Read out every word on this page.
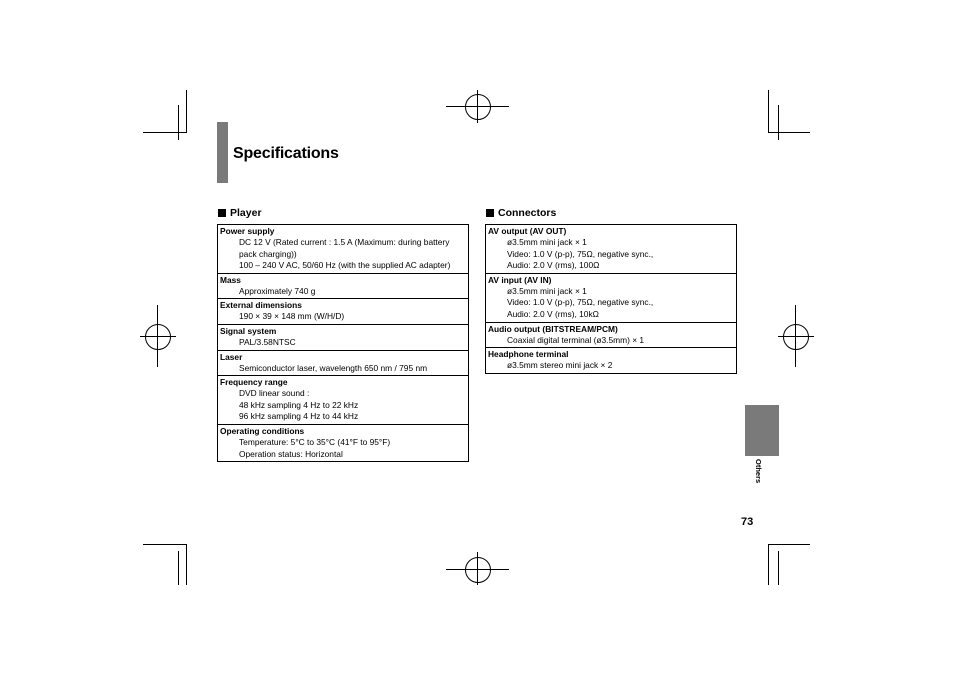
Specifications
Player
Power supply
DC 12 V (Rated current : 1.5 A (Maximum: during battery
pack charging))
100 – 240 V AC, 50/60 Hz (with the supplied AC adapter)
Mass
Approximately 740 g
External dimensions
190 × 39 × 148 mm (W/H/D)
Signal system
PAL/3.58NTSC
Laser
Semiconductor laser, wavelength 650 nm / 795 nm
Frequency range
DVD linear sound :
48 kHz sampling 4 Hz to 22 kHz
96 kHz sampling 4 Hz to 44 kHz
Operating conditions
Temperature: 5°C to 35°C (41°F to 95°F)
Operation status: Horizontal
Connectors
AV output (AV OUT)
ø3.5mm mini jack × 1
Video: 1.0 V (p-p), 75Ω, negative sync.,
Audio: 2.0 V (rms), 100Ω
AV input (AV IN)
ø3.5mm mini jack × 1
Video: 1.0 V (p-p), 75Ω, negative sync.,
Audio: 2.0 V (rms), 10kΩ
Audio output (BITSTREAM/PCM)
Coaxial digital terminal (ø3.5mm) × 1
Headphone terminal
ø3.5mm stereo mini jack × 2
Others
73
